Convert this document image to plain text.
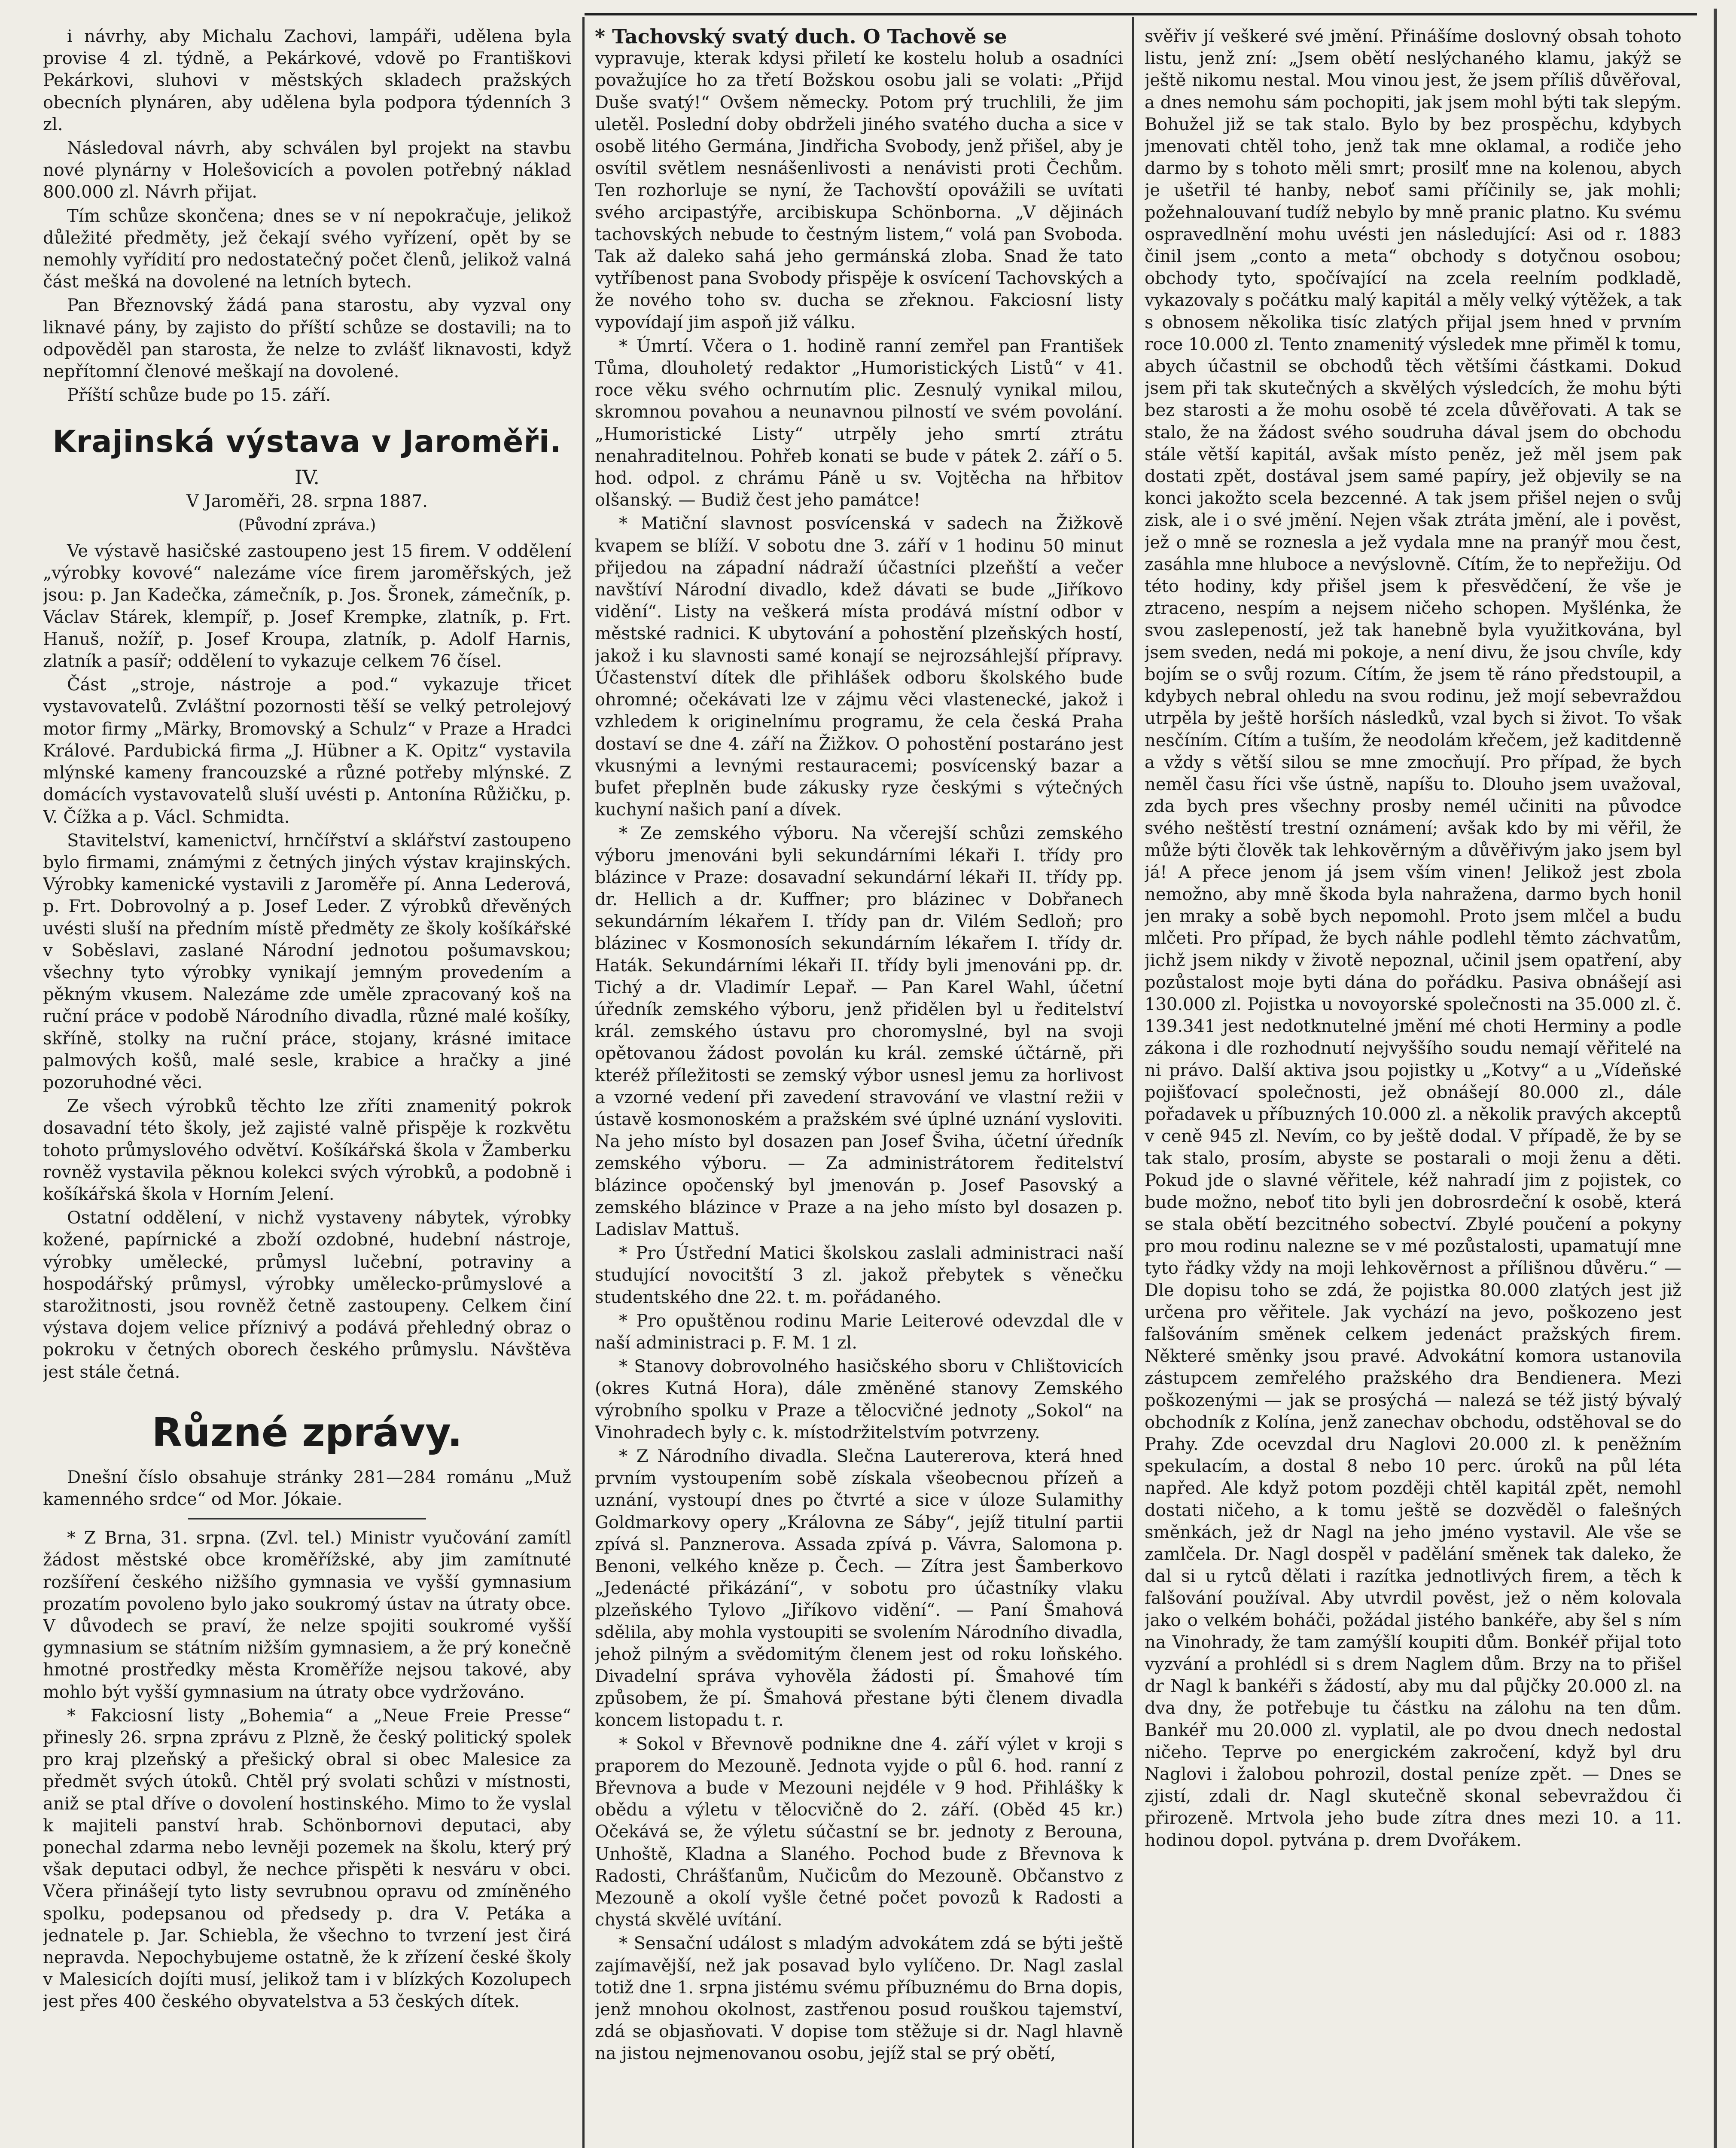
i návrhy, aby Michalu Zachovi, lampáři, udělena byla provise 4 zl. týdně, a Pekárkové, vdově po Františkovi Pekárkovi, sluhovi v městských skladech pražských obecních plynáren, aby udělena byla podpora týdenních 3 zl.

Následoval návrh, aby schválen byl projekt na stavbu nové plynárny v Holešovicích a povolen potřebný náklad 800.000 zl. Návrh přijat.

Tím schůze skončena; dnes se v ní nepokračuje, jelikož důležité předměty, jež čekají svého vyřízení, opět by se nemohly vyřídití pro nedostatečný počet členů, jelikož valná část mešká na dovolené na letních bytech.

Pan Březnovský žádá pana starostu, aby vyzval ony liknavé pány, by zajisto do příští schůze se dostavili; na to odpověděl pan starosta, že nelze to zvlášť liknavosti, když nepřítomní členové meškají na dovolené.

Příští schůze bude po 15. září.

Krajinská výstava v Jaroměři.
IV.

V Jaroměři, 28. srpna 1887.

(Původní zpráva.)

Ve výstavě hasičské zastoupeno jest 15 firem. V oddělení „výrobky kovové“ nalezáme více firem jaroměřských, jež jsou: p. Jan Kadečka, zámečník, p. Jos. Šronek, zámečník, p. Václav Stárek, klempíř, p. Josef Krempke, zlatník, p. Frt. Hanuš, nožíř, p. Josef Kroupa, zlatník, p. Adolf Harnis, zlatník a pasíř; oddělení to vykazuje celkem 76 čísel.

Část „stroje, nástroje a pod.“ vykazuje třicet vystavovatelů. Zvláštní pozornosti těší se velký petrolejový motor firmy „Märky, Bromovský a Schulz“ v Praze a Hradci Králové. Pardubická firma „J. Hübner a K. Opitz“ vystavila mlýnské kameny francouzské a různé potřeby mlýnské. Z domácích vystavovatelů sluší uvésti p. Antonína Růžičku, p. V. Čížka a p. Václ. Schmidta.

Stavitelství, kamenictví, hrnčířství a sklářství zastoupeno bylo firmami, známými z četných jiných výstav krajinských. Výrobky kamenické vystavili z Jaroměře pí. Anna Lederová, p. Frt. Dobrovolný a p. Josef Leder. Z výrobků dřevěných uvésti sluší na předním místě předměty ze školy košíkářské v Soběslavi, zaslané Národní jednotou pošumavskou; všechny tyto výrobky vynikají jemným provedením a pěkným vkusem. Nalezáme zde uměle zpracovaný koš na ruční práce v podobě Národního divadla, různé malé košíky, skříně, stolky na ruční práce, stojany, krásné imitace palmových košů, malé sesle, krabice a hračky a jiné pozoruhodné věci.

Ze všech výrobků těchto lze zříti znamenitý pokrok dosavadní této školy, jež zajisté valně přispěje k rozkvětu tohoto průmyslového odvětví. Košíkářská škola v Žamberku rovněž vystavila pěknou kolekci svých výrobků, a podobně i košíkářská škola v Horním Jelení.

Ostatní oddělení, v nichž vystaveny nábytek, výrobky kožené, papírnické a zboží ozdobné, hudební nástroje, výrobky umělecké, průmysl lučební, potraviny a hospodářský průmysl, výrobky umělecko-průmyslové a starožitnosti, jsou rovněž četně zastoupeny. Celkem činí výstava dojem velice příznivý a podává přehledný obraz o pokroku v četných oborech českého průmyslu. Návštěva jest stále četná.

Různé zprávy.

Dnešní číslo obsahuje stránky 281—284 románu „Muž kamenného srdce“ od Mor. Jókaie.

* Z Brna, 31. srpna. (Zvl. tel.) Ministr vyučování zamítl žádost městské obce kroměřížské, aby jim zamítnuté rozšíření českého nižšího gymnasia ve vyšší gymnasium prozatím povoleno bylo jako soukromý ústav na útraty obce. V důvodech se praví, že nelze spojiti soukromé vyšší gymnasium se státním nižším gymnasiem, a že prý konečně hmotné prostředky města Kroměříže nejsou takové, aby mohlo být vyšší gymnasium na útraty obce vydržováno.

* Fakciosní listy „Bohemia“ a „Neue Freie Presse“ přinesly 26. srpna zprávu z Plzně, že český politický spolek pro kraj plzeňský a přešický obral si obec Malesice za předmět svých útoků. Chtěl prý svolati schůzi v místnosti, aniž se ptal dříve o dovolení hostinského. Mimo to že vyslal k majiteli panství hrab. Schönbornovi deputaci, aby ponechal zdarma nebo levněji pozemek na školu, který prý však deputaci odbyl, že nechce přispěti k nesváru v obci. Včera přinášejí tyto listy sevrubnou opravu od zmíněného spolku, podepsanou od předsedy p. dra V. Petáka a jednatele p. Jar. Schiebla, že všechno to tvrzení jest čirá nepravda. Nepochybujeme ostatně, že k zřízení české školy v Malesicích dojíti musí, jelikož tam i v blízkých Kozolupech jest přes 400 českého obyvatelstva a 53 českých dítek.

* Tachovský svatý duch. O Tachově se

vypravuje, kterak kdysi přiletí ke kostelu holub a osadníci považujíce ho za třetí Božskou osobu jali se volati: „Přijď Duše svatý!“ Ovšem německy. Potom prý truchlili, že jim uletěl. Poslední doby obdrželi jiného svatého ducha a sice v osobě litého Germána, Jindřicha Svobody, jenž přišel, aby je osvítil světlem nesnášenlivosti a nenávisti proti Čechům. Ten rozhorluje se nyní, že Tachovští opovážili se uvítati svého arcipastýře, arcibiskupa Schönborna. „V dějinách tachovských nebude to čestným listem,“ volá pan Svoboda. Tak až daleko sahá jeho germánská zloba. Snad že tato vytříbenost pana Svobody přispěje k osvícení Tachovských a že nového toho sv. ducha se zřeknou. Fakciosní listy vypovídají jim aspoň již válku.

* Úmrtí. Včera o 1. hodině ranní zemřel pan František Tůma, dlouholetý redaktor „Humoristických Listů“ v 41. roce věku svého ochrnutím plic. Zesnulý vynikal milou, skromnou povahou a neunavnou pilností ve svém povolání. „Humoristické Listy“ utrpěly jeho smrtí ztrátu nenahraditelnou. Pohřeb konati se bude v pátek 2. září o 5. hod. odpol. z chrámu Páně u sv. Vojtěcha na hřbitov olšanský. — Budiž čest jeho památce!

* Matiční slavnost posvícenská v sadech na Žižkově kvapem se blíží. V sobotu dne 3. září v 1 hodinu 50 minut přijedou na západní nádraží účastníci plzeňští a večer navštíví Národní divadlo, kdež dávati se bude „Jiříkovo vidění“. Listy na veškerá místa prodává místní odbor v městské radnici. K ubytování a pohostění plzeňských hostí, jakož i ku slavnosti samé konají se nejrozsáhlejší přípravy. Účastenství dítek dle přihlášek odboru školského bude ohromné; očekávati lze v zájmu věci vlastenecké, jakož i vzhledem k originelnímu programu, že cela česká Praha dostaví se dne 4. září na Žižkov. O pohostění postaráno jest vkusnými a levnými restauracemi; posvícenský bazar a bufet přeplněn bude zákusky ryze českými s výtečných kuchyní našich paní a dívek.

* Ze zemského výboru. Na včerejší schůzi zemského výboru jmenováni byli sekundárními lékaři I. třídy pro blázince v Praze: dosavadní sekundární lékaři II. třídy pp. dr. Hellich a dr. Kuffner; pro blázinec v Dobřanech sekundárním lékařem I. třídy pan dr. Vilém Sedloň; pro blázinec v Kosmonosích sekundárním lékařem I. třídy dr. Haták. Sekundárními lékaři II. třídy byli jmenováni pp. dr. Tichý a dr. Vladimír Lepař. — Pan Karel Wahl, účetní úředník zemského výboru, jenž přidělen byl u ředitelství král. zemského ústavu pro choromyslné, byl na svoji opětovanou žádost povolán ku král. zemské účtárně, při kteréž příležitosti se zemský výbor usnesl jemu za horlivost a vzorné vedení při zavedení stravování ve vlastní režii v ústavě kosmonoském a pražském své úplné uznání vysloviti. Na jeho místo byl dosazen pan Josef Šviha, účetní úředník zemského výboru. — Za administrátorem ředitelství blázince opočenský byl jmenován p. Josef Pasovský a zemského blázince v Praze a na jeho místo byl dosazen p. Ladislav Mattuš.

* Pro Ústřední Matici školskou zaslali administraci naší studující novocitští 3 zl. jakož přebytek s věnečku studentského dne 22. t. m. pořádaného.

* Pro opuštěnou rodinu Marie Leiterové odevzdal dle v naší administraci p. F. M. 1 zl.

* Stanovy dobrovolného hasičského sboru v Chlištovicích (okres Kutná Hora), dále změněné stanovy Zemského výrobního spolku v Praze a tělocvičné jednoty „Sokol“ na Vinohradech byly c. k. místodržitelstvím potvrzeny.

* Z Národního divadla. Slečna Lautererova, která hned prvním vystoupením sobě získala všeobecnou přízeň a uznání, vystoupí dnes po čtvrté a sice v úloze Sulamithy Goldmarkovy opery „Královna ze Sáby“, jejíž titulní partii zpívá sl. Panznerova. Assada zpívá p. Vávra, Salomona p. Benoni, velkého kněze p. Čech. — Zítra jest Šamberkovo „Jedenácté přikázání“, v sobotu pro účastníky vlaku plzeňského Tylovo „Jiříkovo vidění“. — Paní Šmahová sdělila, aby mohla vystoupiti se svolením Národního divadla, jehož pilným a svědomitým členem jest od roku loňského. Divadelní správa vyhověla žádosti pí. Šmahové tím způsobem, že pí. Šmahová přestane býti členem divadla koncem listopadu t. r.

* Sokol v Břevnově podnikne dne 4. září výlet v kroji s praporem do Mezouně. Jednota vyjde o půl 6. hod. ranní z Břevnova a bude v Mezouni nejdéle v 9 hod. Přihlášky k obědu a výletu v tělocvičně do 2. září. (Oběd 45 kr.) Očekává se, že výletu súčastní se br. jednoty z Berouna, Unhoště, Kladna a Slaného. Pochod bude z Břevnova k Radosti, Chrášťanům, Nučicům do Mezouně. Občanstvo z Mezouně a okolí vyšle četné počet povozů k Radosti a chystá skvělé uvítání.

* Sensační událost s mladým advokátem zdá se býti ještě zajímavější, než jak posavad bylo vylíčeno. Dr. Nagl zaslal totiž dne 1. srpna jistému svému příbuznému do Brna dopis, jenž mnohou okolnost, zastřenou posud rouškou tajemství, zdá se objasňovati. V dopise tom stěžuje si dr. Nagl hlavně na jistou nejmenovanou osobu, jejíž stal se prý obětí,

svěřiv jí veškeré své jmění. Přinášíme doslovný obsah tohoto listu, jenž zní: „Jsem obětí neslýchaného klamu, jakýž se ještě nikomu nestal. Mou vinou jest, že jsem příliš důvěřoval, a dnes nemohu sám pochopiti, jak jsem mohl býti tak slepým. Bohužel již se tak stalo. Bylo by bez prospěchu, kdybych jmenovati chtěl toho, jenž tak mne oklamal, a rodiče jeho darmo by s tohoto měli smrt; prosilť mne na kolenou, abych je ušetřil té hanby, neboť sami příčinily se, jak mohli; požehnalouvaní tudíž nebylo by mně pranic platno. Ku svému ospravedlnění mohu uvésti jen následující: Asi od r. 1883 činil jsem „conto a meta“ obchody s dotyčnou osobou; obchody tyto, spočívající na zcela reelním podkladě, vykazovaly s počátku malý kapitál a měly velký výtěžek, a tak s obnosem několika tisíc zlatých přijal jsem hned v prvním roce 10.000 zl. Tento znamenitý výsledek mne přiměl k tomu, abych účastnil se obchodů těch většími částkami. Dokud jsem při tak skutečných a skvělých výsledcích, že mohu býti bez starosti a že mohu osobě té zcela důvěřovati. A tak se stalo, že na žádost svého soudruha dával jsem do obchodu stále větší kapitál, avšak místo peněz, jež měl jsem pak dostati zpět, dostával jsem samé papíry, jež objevily se na konci jakožto scela bezcenné. A tak jsem přišel nejen o svůj zisk, ale i o své jmění. Nejen však ztráta jmění, ale i pověst, jež o mně se roznesla a jež vydala mne na pranýř mou čest, zasáhla mne hluboce a nevýslovně. Cítím, že to nepřežiju. Od této hodiny, kdy přišel jsem k přesvědčení, že vše je ztraceno, nespím a nejsem ničeho schopen. Myšlénka, že svou zaslepeností, jež tak hanebně byla využitkována, byl jsem sveden, nedá mi pokoje, a není divu, že jsou chvíle, kdy bojím se o svůj rozum. Cítím, že jsem tě ráno předstoupil, a kdybych nebral ohledu na svou rodinu, jež mojí sebevraždou utrpěla by ještě horších následků, vzal bych si život. To však nesčíním. Cítím a tuším, že neodolám křečem, jež kaditdenně a vždy s větší silou se mne zmocňují. Pro případ, že bych neměl času říci vše ústně, napíšu to. Dlouho jsem uvažoval, zda bych pres všechny prosby nemél učiniti na původce svého neštěstí trestní oznámení; avšak kdo by mi věřil, že může býti člověk tak lehkověrným a důvěřivým jako jsem byl já! A přece jenom já jsem vším vinen! Jelikož jest zbola nemožno, aby mně škoda byla nahražena, darmo bych honil jen mraky a sobě bych nepomohl. Proto jsem mlčel a budu mlčeti. Pro případ, že bych náhle podlehl těmto záchvatům, jichž jsem nikdy v životě nepoznal, učinil jsem opatření, aby pozůstalost moje byti dána do pořádku. Pasiva obnášejí asi 130.000 zl. Pojistka u novoyorské společnosti na 35.000 zl. č. 139.341 jest nedotknutelné jmění mé choti Herminy a podle zákona i dle rozhodnutí nejvyššího soudu nemají věřitelé na ni právo. Další aktiva jsou pojistky u „Kotvy“ a u „Vídeňské pojišťovací společnosti, jež obnášejí 80.000 zl., dále pořadavek u příbuzných 10.000 zl. a několik pravých akceptů v ceně 945 zl. Nevím, co by ještě dodal. V případě, že by se tak stalo, prosím, abyste se postarali o moji ženu a děti. Pokud jde o slavné věřitele, kéž nahradí jim z pojistek, co bude možno, neboť tito byli jen dobrosrdeční k osobě, která se stala obětí bezcitného sobectví. Zbylé poučení a pokyny pro mou rodinu nalezne se v mé pozůstalosti, upamatují mne tyto řádky vždy na moji lehkověrnost a přílišnou důvěru.“ — Dle dopisu toho se zdá, že pojistka 80.000 zlatých jest již určena pro věřitele. Jak vychází na jevo, poškozeno jest falšováním směnek celkem jedenáct pražských firem. Některé směnky jsou pravé. Advokátní komora ustanovila zástupcem zemřelého pražského dra Bendienera. Mezi poškozenými — jak se prosýchá — nalezá se též jistý bývalý obchodník z Kolína, jenž zanechav obchodu, odstěhoval se do Prahy. Zde ocevzdal dru Naglovi 20.000 zl. k peněžním spekulacím, a dostal 8 nebo 10 perc. úroků na půl léta napřed. Ale když potom později chtěl kapitál zpět, nemohl dostati ničeho, a k tomu ještě se dozvěděl o falešných směnkách, jež dr Nagl na jeho jméno vystavil. Ale vše se zamlčela. Dr. Nagl dospěl v padělání směnek tak daleko, že dal si u rytců dělati i razítka jednotlivých firem, a těch k falšování používal. Aby utvrdil pověst, jež o něm kolovala jako o velkém boháči, požádal jistého bankéře, aby šel s ním na Vinohrady, že tam zamýšlí koupiti dům. Bonkéř přijal toto vyzvání a prohlédl si s drem Naglem dům. Brzy na to přišel dr Nagl k bankéři s žádostí, aby mu dal půjčky 20.000 zl. na dva dny, že potřebuje tu částku na zálohu na ten dům. Bankéř mu 20.000 zl. vyplatil, ale po dvou dnech nedostal ničeho. Teprve po energickém zakročení, když byl dru Naglovi i žalobou pohrozil, dostal peníze zpět. — Dnes se zjistí, zdali dr. Nagl skutečně skonal sebevraždou či přirozeně. Mrtvola jeho bude zítra dnes mezi 10. a 11. hodinou dopol. pytvána p. drem Dvořákem.
